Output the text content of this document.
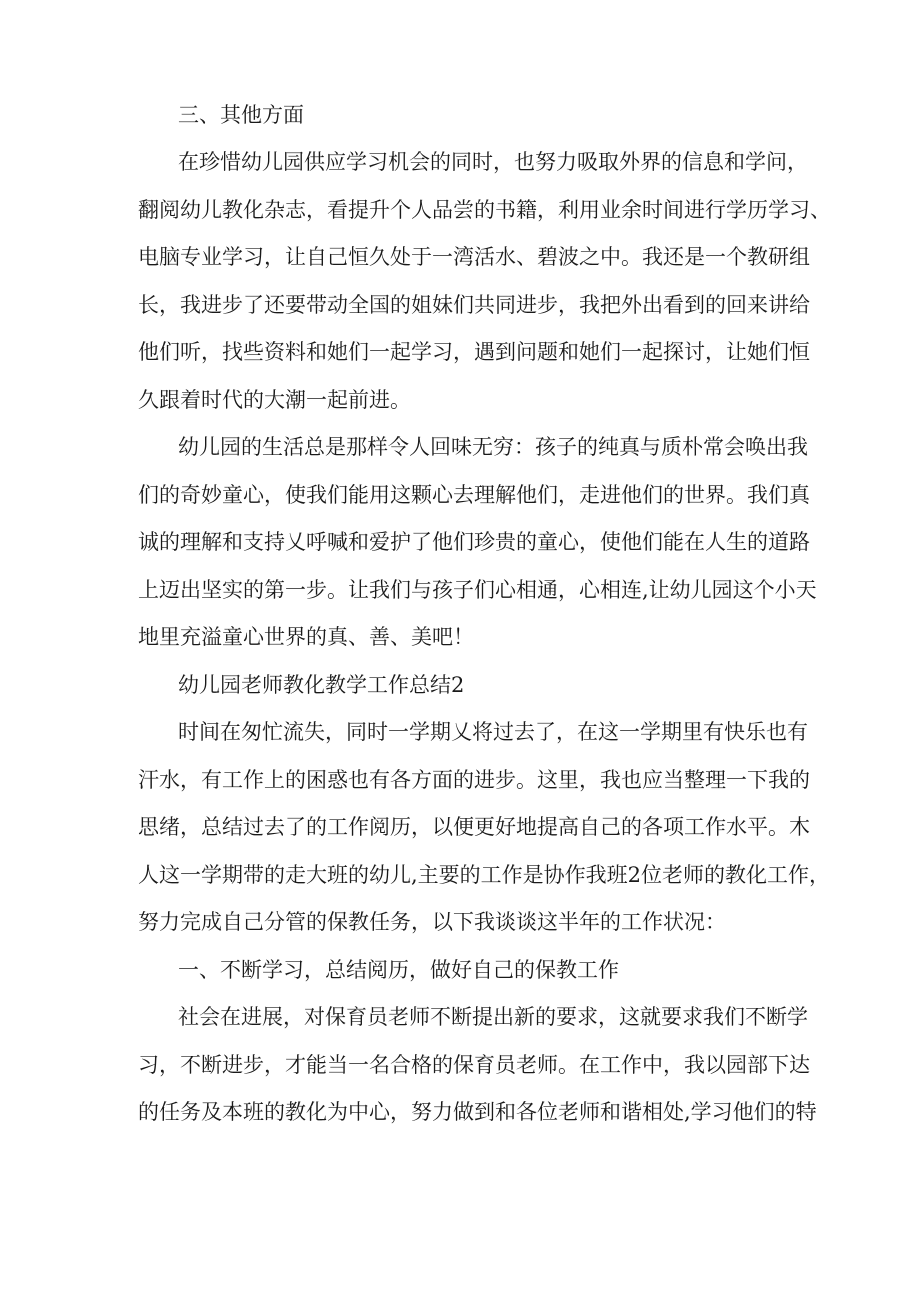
三、其他方面
在珍惜幼儿园供应学习机会的同时，也努力吸取外界的信息和学问，
翻阅幼儿教化杂志，看提升个人品尝的书籍，利用业余时间进行学历学习、
电脑专业学习，让自己恒久处于一湾活水、碧波之中。我还是一个教研组
长，我进步了还要带动全国的姐妹们共同进步，我把外出看到的回来讲给
他们听，找些资料和她们一起学习，遇到问题和她们一起探讨，让她们恒
久跟着时代的大潮一起前进。
幼儿园的生活总是那样令人回味无穷：孩子的纯真与质朴常会唤出我
们的奇妙童心，使我们能用这颗心去理解他们，走进他们的世界。我们真
诚的理解和支持乂呼喊和爱护了他们珍贵的童心，使他们能在人生的道路
上迈出坚实的第一步。让我们与孩子们心相通，心相连,让幼儿园这个小天
地里充溢童心世界的真、善、美吧！
幼儿园老师教化教学工作总结2
时间在匆忙流失，同时一学期乂将过去了，在这一学期里有快乐也有
汗水，有工作上的困惑也有各方面的进步。这里，我也应当整理一下我的
思绪，总结过去了的工作阅历，以便更好地提高自己的各项工作水平。木
人这一学期带的走大班的幼儿,主要的工作是协作我班2位老师的教化工作，
努力完成自己分管的保教任务，以下我谈谈这半年的工作状况：
一、不断学习，总结阅历，做好自己的保教工作
社会在进展，对保育员老师不断提出新的要求，这就要求我们不断学
习，不断进步，才能当一名合格的保育员老师。在工作中，我以园部下达
的任务及本班的教化为中心，努力做到和各位老师和谐相处,学习他们的特
